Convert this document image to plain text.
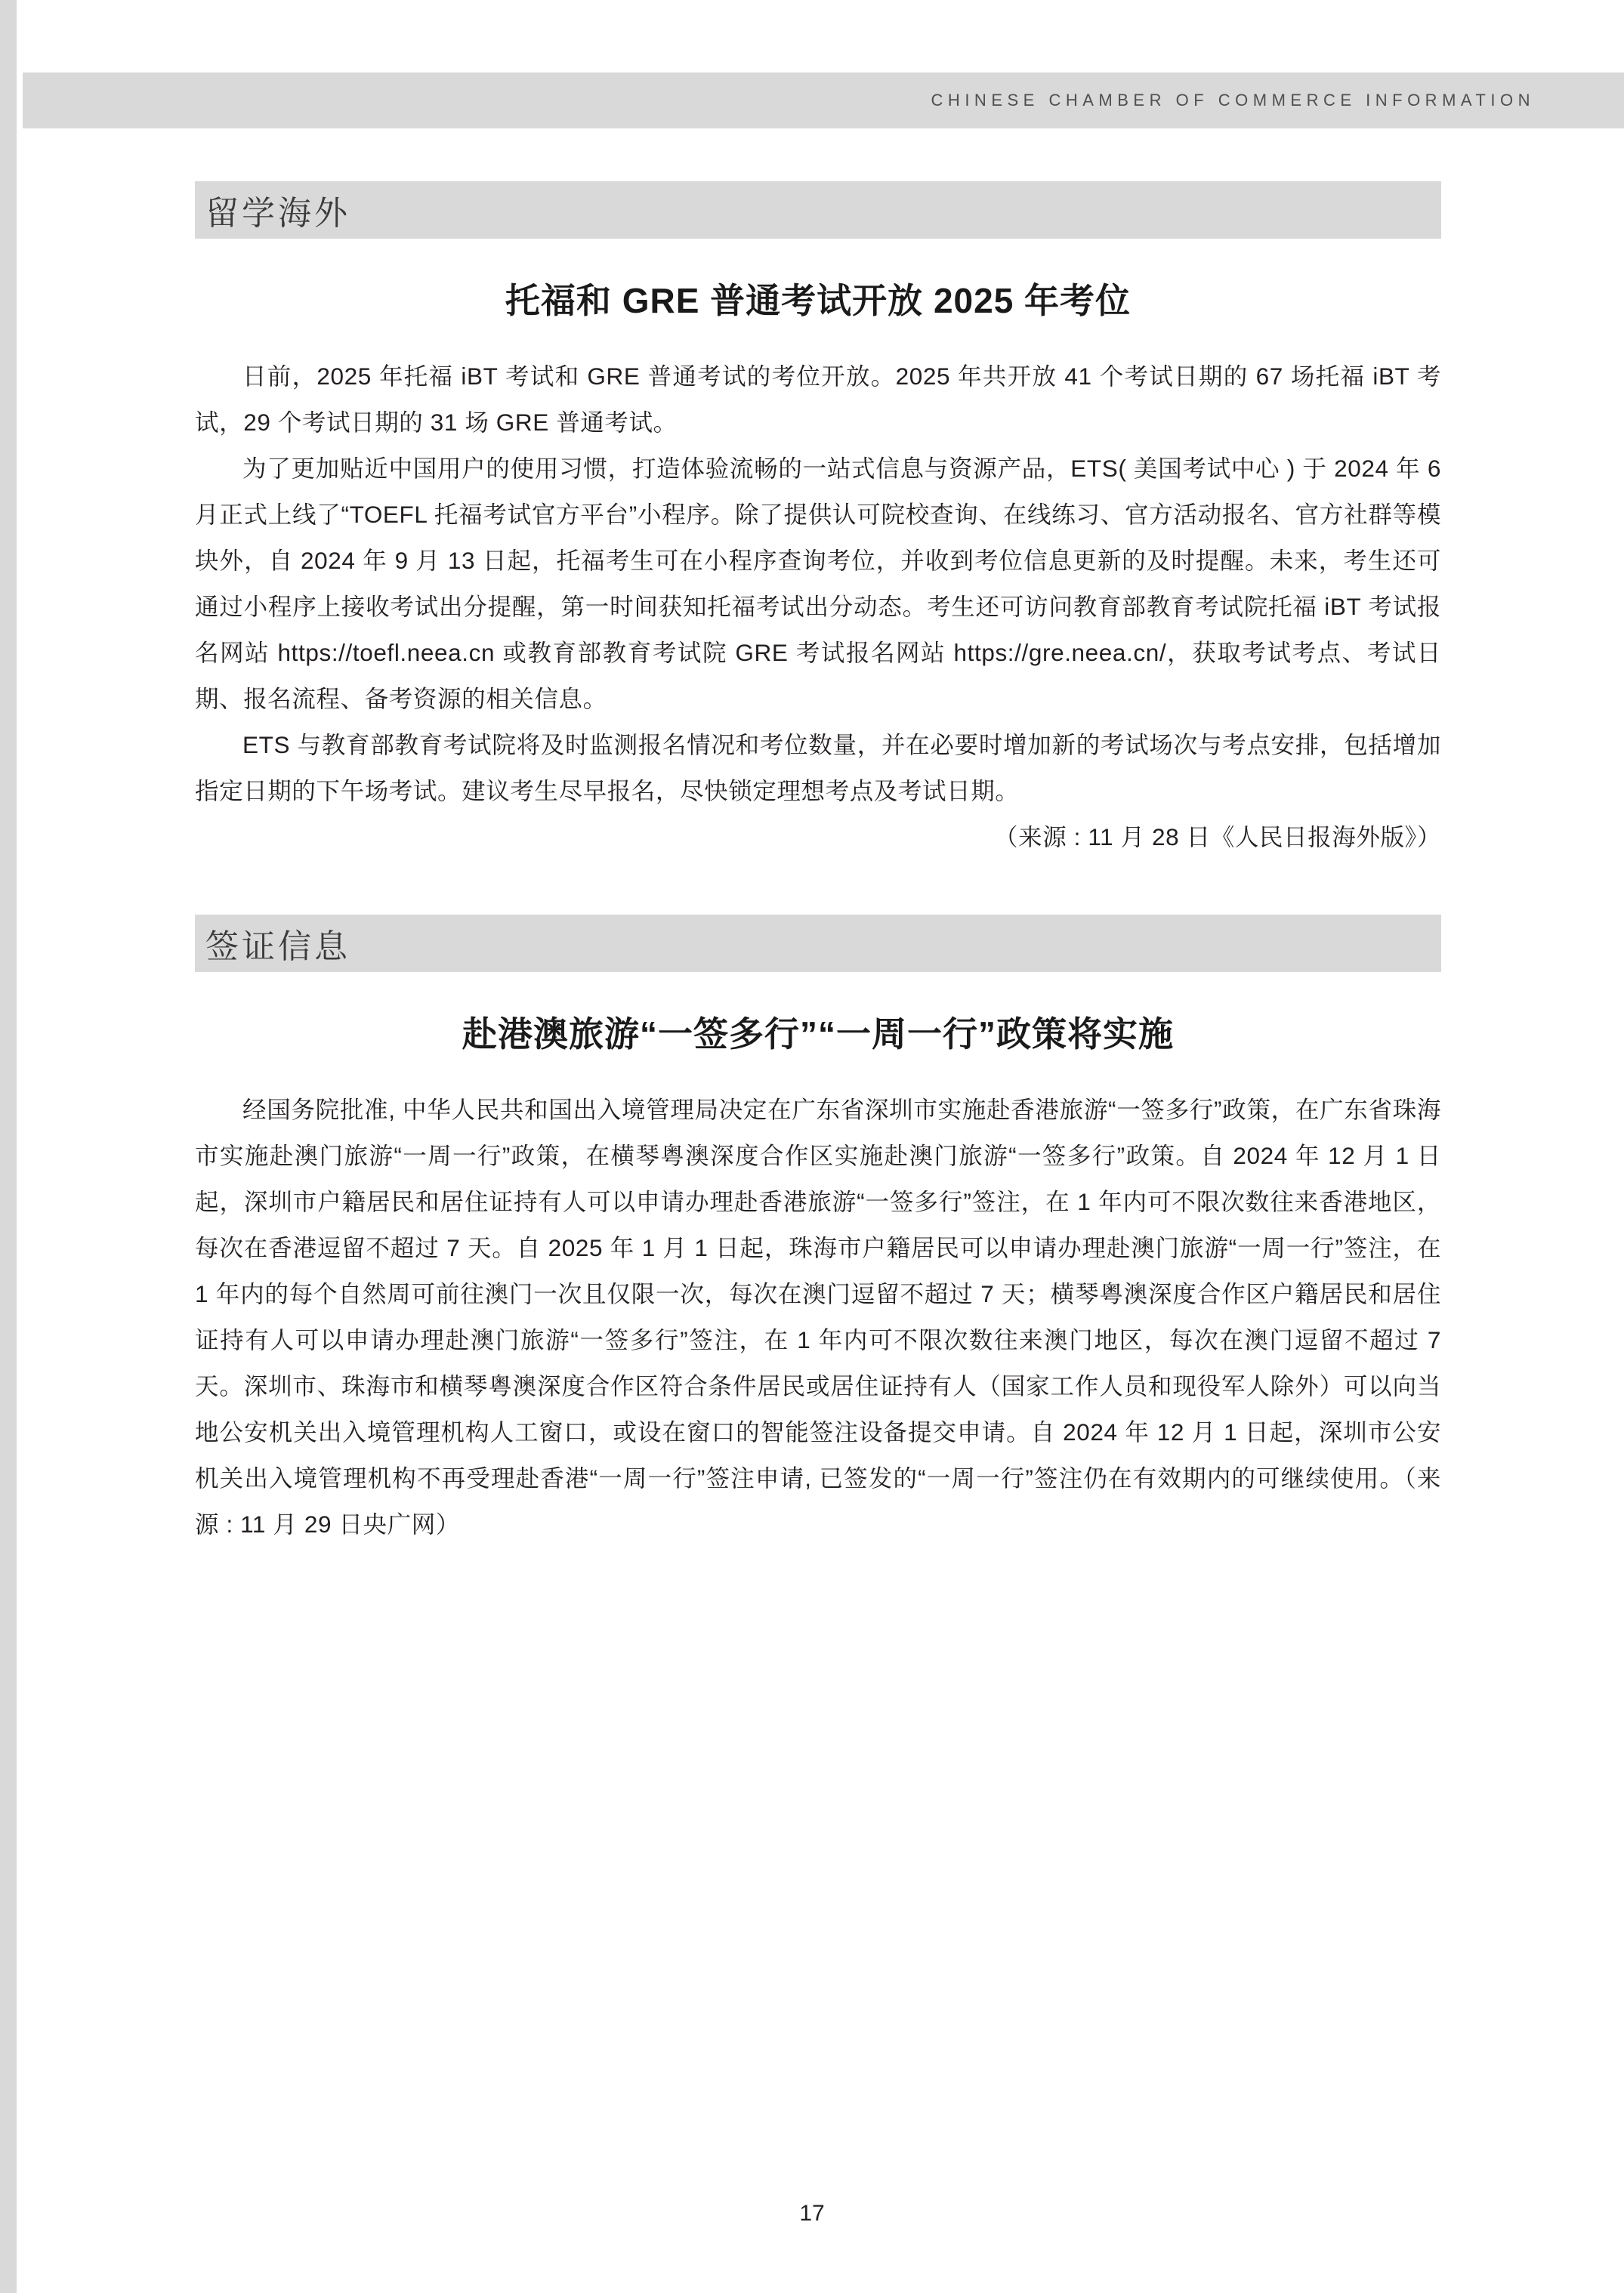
CHINESE CHAMBER OF COMMERCE INFORMATION
留学海外
托福和 GRE 普通考试开放 2025 年考位

日前，2025 年托福 iBT 考试和 GRE 普通考试的考位开放。2025 年共开放 41 个考试日期的 67 场托福 iBT 考试，29 个考试日期的 31 场 GRE 普通考试。

为了更加贴近中国用户的使用习惯，打造体验流畅的一站式信息与资源产品，ETS( 美国考试中心 ) 于 2024 年 6 月正式上线了“TOEFL 托福考试官方平台”小程序。除了提供认可院校查询、在线练习、官方活动报名、官方社群等模块外，自 2024 年 9 月 13 日起，托福考生可在小程序查询考位，并收到考位信息更新的及时提醒。未来，考生还可通过小程序上接收考试出分提醒，第一时间获知托福考试出分动态。考生还可访问教育部教育考试院托福 iBT 考试报名网站 https://toefl.neea.cn 或教育部教育考试院 GRE 考试报名网站 https://gre.neea.cn/，获取考试考点、考试日期、报名流程、备考资源的相关信息。

ETS 与教育部教育考试院将及时监测报名情况和考位数量，并在必要时增加新的考试场次与考点安排，包括增加指定日期的下午场考试。建议考生尽早报名，尽快锁定理想考点及考试日期。

（来源 : 11 月 28 日《人民日报海外版》）
签证信息
赴港澳旅游“一签多行”“一周一行”政策将实施

经国务院批准, 中华人民共和国出入境管理局决定在广东省深圳市实施赴香港旅游“一签多行”政策，在广东省珠海市实施赴澳门旅游“一周一行”政策，在横琴粤澳深度合作区实施赴澳门旅游“一签多行”政策。自 2024 年 12 月 1 日起，深圳市户籍居民和居住证持有人可以申请办理赴香港旅游“一签多行”签注，在 1 年内可不限次数往来香港地区，每次在香港逗留不超过 7 天。自 2025 年 1 月 1 日起，珠海市户籍居民可以申请办理赴澳门旅游“一周一行”签注，在 1 年内的每个自然周可前往澳门一次且仅限一次，每次在澳门逗留不超过 7 天；横琴粤澳深度合作区户籍居民和居住证持有人可以申请办理赴澳门旅游“一签多行”签注，在 1 年内可不限次数往来澳门地区，每次在澳门逗留不超过 7 天。深圳市、珠海市和横琴粤澳深度合作区符合条件居民或居住证持有人（国家工作人员和现役军人除外）可以向当地公安机关出入境管理机构人工窗口，或设在窗口的智能签注设备提交申请。自 2024 年 12 月 1 日起，深圳市公安机关出入境管理机构不再受理赴香港“一周一行”签注申请, 已签发的“一周一行”签注仍在有效期内的可继续使用。（来源 : 11 月 29 日央广网）

17
